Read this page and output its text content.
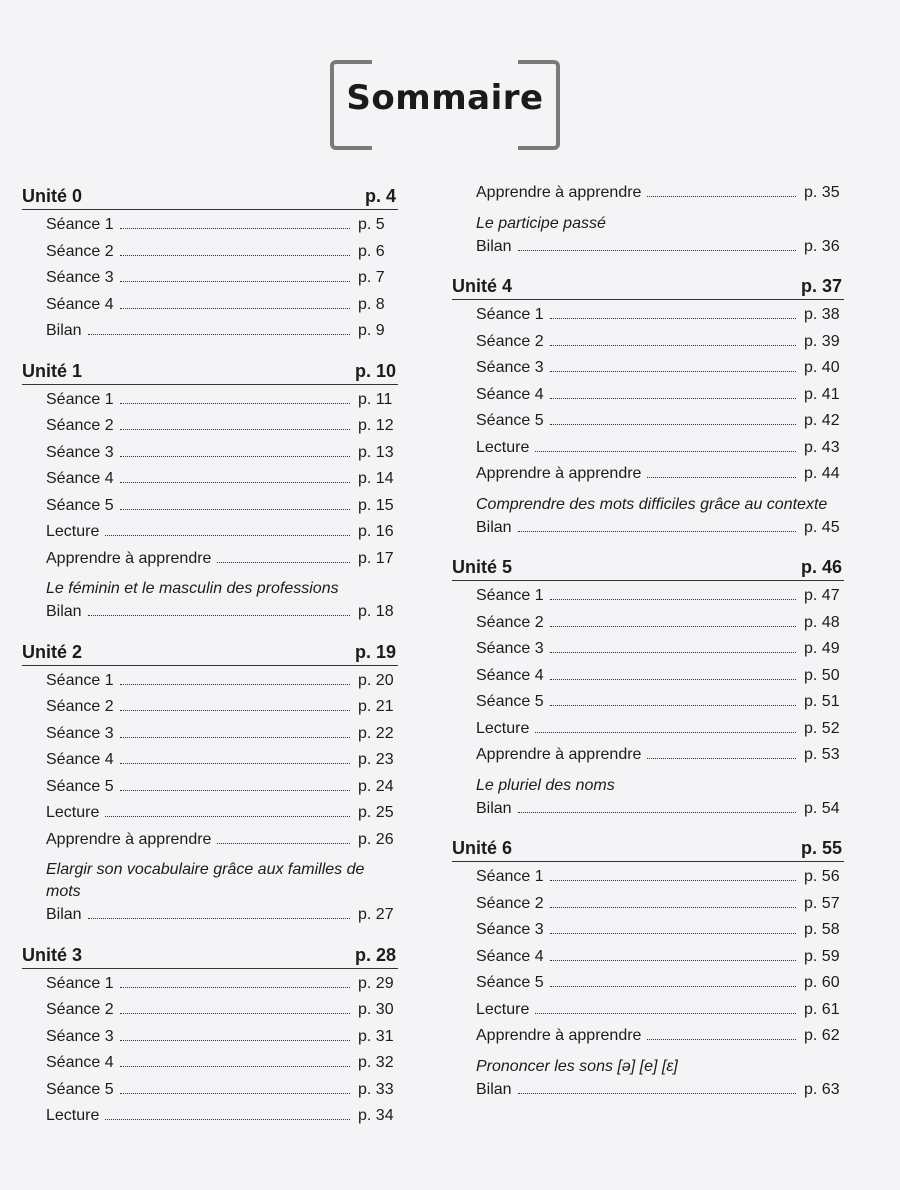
Sommaire
Unité 0	p. 4
Séance 1	p. 5
Séance 2	p. 6
Séance 3	p. 7
Séance 4	p. 8
Bilan	p. 9
Unité 1	p. 10
Séance 1	p. 11
Séance 2	p. 12
Séance 3	p. 13
Séance 4	p. 14
Séance 5	p. 15
Lecture	p. 16
Apprendre à apprendre	p. 17
Le féminin et le masculin des professions
Bilan	p. 18
Unité 2	p. 19
Séance 1	p. 20
Séance 2	p. 21
Séance 3	p. 22
Séance 4	p. 23
Séance 5	p. 24
Lecture	p. 25
Apprendre à apprendre	p. 26
Elargir son vocabulaire grâce aux familles de mots
Bilan	p. 27
Unité 3	p. 28
Séance 1	p. 29
Séance 2	p. 30
Séance 3	p. 31
Séance 4	p. 32
Séance 5	p. 33
Lecture	p. 34
Apprendre à apprendre	p. 35
Le participe passé
Bilan	p. 36
Unité 4	p. 37
Séance 1	p. 38
Séance 2	p. 39
Séance 3	p. 40
Séance 4	p. 41
Séance 5	p. 42
Lecture	p. 43
Apprendre à apprendre	p. 44
Comprendre des mots difficiles grâce au contexte
Bilan	p. 45
Unité 5	p. 46
Séance 1	p. 47
Séance 2	p. 48
Séance 3	p. 49
Séance 4	p. 50
Séance 5	p. 51
Lecture	p. 52
Apprendre à apprendre	p. 53
Le pluriel des noms
Bilan	p. 54
Unité 6	p. 55
Séance 1	p. 56
Séance 2	p. 57
Séance 3	p. 58
Séance 4	p. 59
Séance 5	p. 60
Lecture	p. 61
Apprendre à apprendre	p. 62
Prononcer les sons [ə] [e] [ɛ]
Bilan	p. 63
